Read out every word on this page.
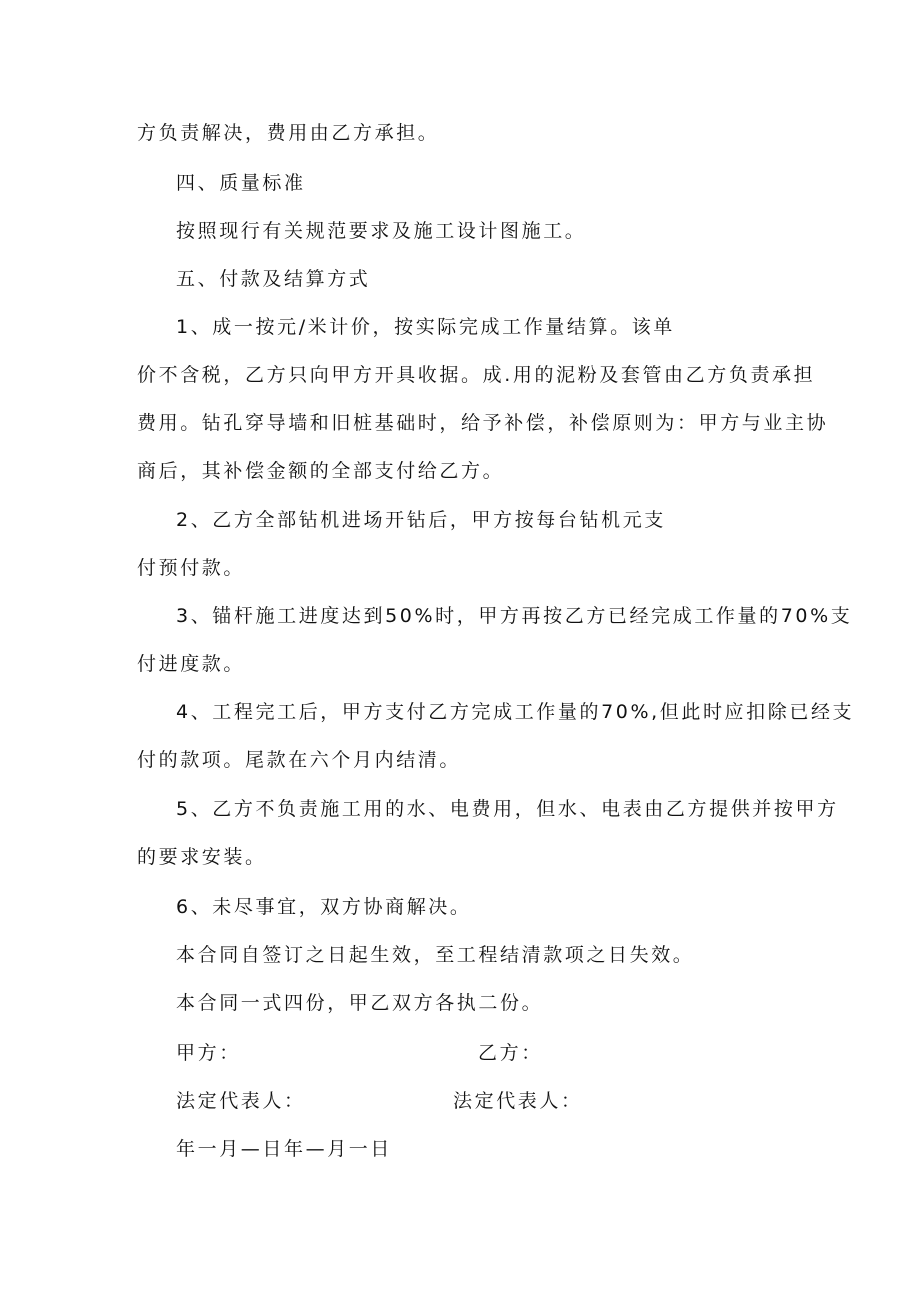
方负责解决，费用由乙方承担。
四、质量标准
按照现行有关规范要求及施工设计图施工。
五、付款及结算方式
1、成一按元/米计价，按实际完成工作量结算。该单
价不含税，乙方只向甲方开具收据。成.用的泥粉及套管由乙方负责承担
费用。钻孔穿导墙和旧桩基础时，给予补偿，补偿原则为：甲方与业主协
商后，其补偿金额的全部支付给乙方。
2、乙方全部钻机进场开钻后，甲方按每台钻机元支
付预付款。
3、锚杆施工进度达到50%时，甲方再按乙方已经完成工作量的70%支
付进度款。
4、工程完工后，甲方支付乙方完成工作量的70%,但此时应扣除已经支
付的款项。尾款在六个月内结清。
5、乙方不负责施工用的水、电费用，但水、电表由乙方提供并按甲方
的要求安装。
6、未尽事宜，双方协商解决。
本合同自签订之日起生效，至工程结清款项之日失效。
本合同一式四份，甲乙双方各执二份。
甲方：	乙方：
法定代表人：	法定代表人：
年一月—日年—月一日
